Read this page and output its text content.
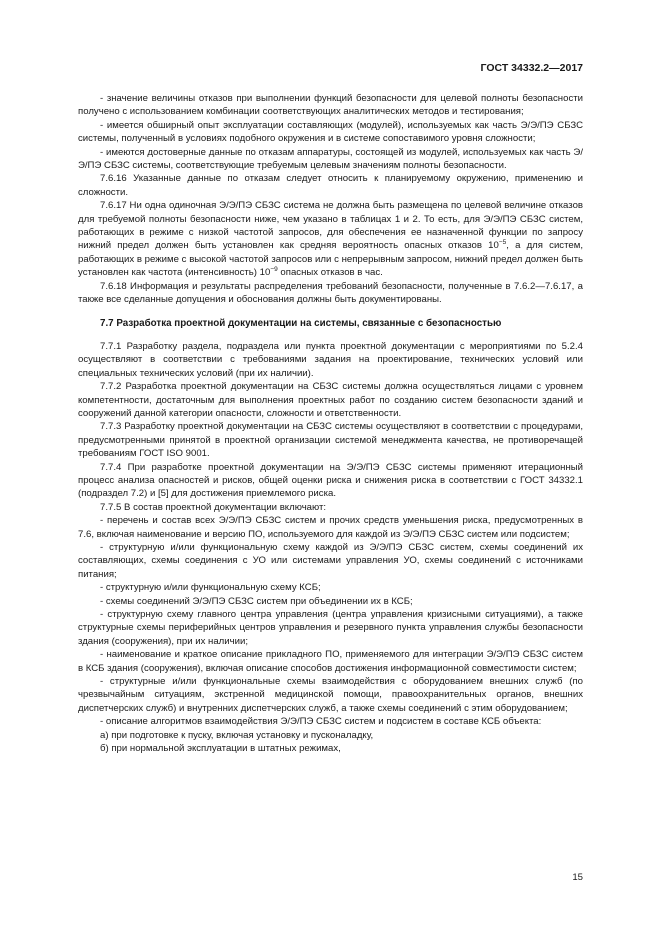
ГОСТ 34332.2—2017

- значение величины отказов при выполнении функций безопасности для целевой полноты безопасности получено с использованием комбинации соответствующих аналитических методов и тестирования;

- имеется обширный опыт эксплуатации составляющих (модулей), используемых как часть Э/Э/ПЭ СБЗС системы, полученный в условиях подобного окружения и в системе сопоставимого уровня сложности;

- имеются достоверные данные по отказам аппаратуры, состоящей из модулей, используемых как часть Э/Э/ПЭ СБЗС системы, соответствующие требуемым целевым значениям полноты безопасности.

7.6.16 Указанные данные по отказам следует относить к планируемому окружению, применению и сложности.

7.6.17 Ни одна одиночная Э/Э/ПЭ СБЗС система не должна быть размещена по целевой величине отказов для требуемой полноты безопасности ниже, чем указано в таблицах 1 и 2. То есть, для Э/Э/ПЭ СБЗС систем, работающих в режиме с низкой частотой запросов, для обеспечения ее назначенной функции по запросу нижний предел должен быть установлен как средняя вероятность опасных отказов $10^{-5}$, а для систем, работающих в режиме с высокой частотой запросов или с непрерывным запросом, нижний предел должен быть установлен как частота (интенсивность) $10^{-9}$ опасных отказов в час.

7.6.18 Информация и результаты распределения требований безопасности, полученные в 7.6.2—7.6.17, а также все сделанные допущения и обоснования должны быть документированы.

7.7 Разработка проектной документации на системы, связанные с безопасностью

7.7.1 Разработку раздела, подраздела или пункта проектной документации с мероприятиями по 5.2.4 осуществляют в соответствии с требованиями задания на проектирование, технических условий или специальных технических условий (при их наличии).

7.7.2 Разработка проектной документации на СБЗС системы должна осуществляться лицами с уровнем компетентности, достаточным для выполнения проектных работ по созданию систем безопасности зданий и сооружений данной категории опасности, сложности и ответственности.

7.7.3 Разработку проектной документации на СБЗС системы осуществляют в соответствии с процедурами, предусмотренными принятой в проектной организации системой менеджмента качества, не противоречащей требованиям ГОСТ ISO 9001.

7.7.4 При разработке проектной документации на Э/Э/ПЭ СБЗС системы применяют итерационный процесс анализа опасностей и рисков, общей оценки риска и снижения риска в соответствии с ГОСТ 34332.1 (подраздел 7.2) и [5] для достижения приемлемого риска.

7.7.5 В состав проектной документации включают:

- перечень и состав всех Э/Э/ПЭ СБЗС систем и прочих средств уменьшения риска, предусмотренных в 7.6, включая наименование и версию ПО, используемого для каждой из Э/Э/ПЭ СБЗС систем или подсистем;

- структурную и/или функциональную схему каждой из Э/Э/ПЭ СБЗС систем, схемы соединений их составляющих, схемы соединения с УО или системами управления УО, схемы соединений с источниками питания;

- структурную и/или функциональную схему КСБ;

- схемы соединений Э/Э/ПЭ СБЗС систем при объединении их в КСБ;

- структурную схему главного центра управления (центра управления кризисными ситуациями), а также структурные схемы периферийных центров управления и резервного пункта управления службы безопасности здания (сооружения), при их наличии;

- наименование и краткое описание прикладного ПО, применяемого для интеграции Э/Э/ПЭ СБЗС систем в КСБ здания (сооружения), включая описание способов достижения информационной совместимости систем;

- структурные и/или функциональные схемы взаимодействия с оборудованием внешних служб (по чрезвычайным ситуациям, экстренной медицинской помощи, правоохранительных органов, внешних диспетчерских служб) и внутренних диспетчерских служб, а также схемы соединений с этим оборудованием;

- описание алгоритмов взаимодействия Э/Э/ПЭ СБЗС систем и подсистем в составе КСБ объекта:

а) при подготовке к пуску, включая установку и пусконаладку,

б) при нормальной эксплуатации в штатных режимах,

15
